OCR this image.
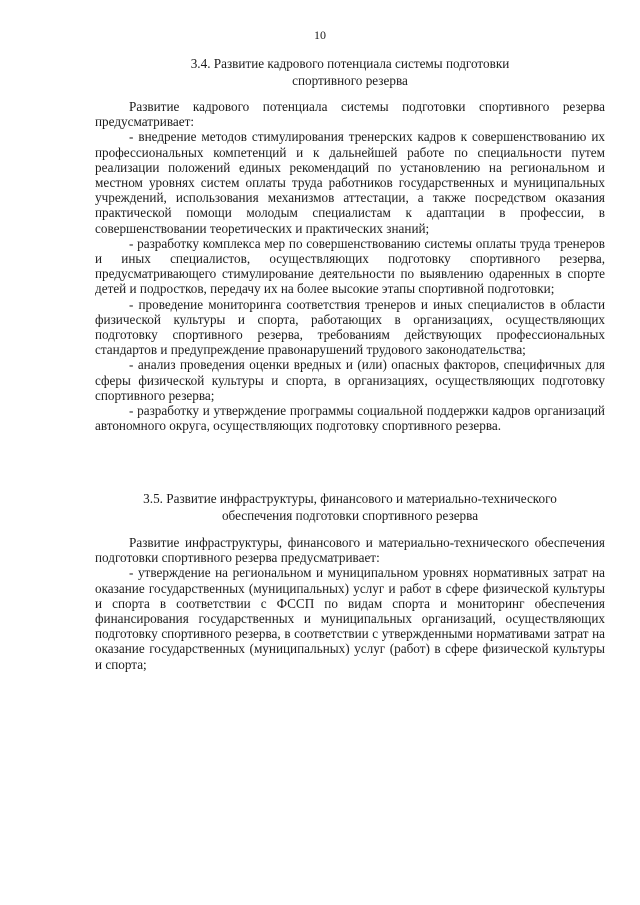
10
3.4. Развитие кадрового потенциала системы подготовки
спортивного резерва

Развитие кадрового потенциала системы подготовки спортивного резерва предусматривает:

- внедрение методов стимулирования тренерских кадров к совершенствованию их профессиональных компетенций и к дальнейшей работе по специальности путем реализации положений единых рекомендаций по установлению на региональном и местном уровнях систем оплаты труда работников государственных и муниципальных учреждений, использования механизмов аттестации, а также посредством оказания практической помощи молодым специалистам к адаптации в профессии, в совершенствовании теоретических и практических знаний;

- разработку комплекса мер по совершенствованию системы оплаты труда тренеров и иных специалистов, осуществляющих подготовку спортивного резерва, предусматривающего стимулирование деятельности по выявлению одаренных в спорте детей и подростков, передачу их на более высокие этапы спортивной подготовки;

- проведение мониторинга соответствия тренеров и иных специалистов в области физической культуры и спорта, работающих в организациях, осуществляющих подготовку спортивного резерва, требованиям действующих профессиональных стандартов и предупреждение правонарушений трудового законодательства;

- анализ проведения оценки вредных и (или) опасных факторов, специфичных для сферы физической культуры и спорта, в организациях, осуществляющих подготовку спортивного резерва;

- разработку и утверждение программы социальной поддержки кадров организаций автономного округа, осуществляющих подготовку спортивного резерва.

3.5. Развитие инфраструктуры, финансового и материально-технического
обеспечения подготовки спортивного резерва

Развитие инфраструктуры, финансового и материально-технического обеспечения подготовки спортивного резерва предусматривает:

- утверждение на региональном и муниципальном уровнях нормативных затрат на оказание государственных (муниципальных) услуг и работ в сфере физической культуры и спорта в соответствии с ФССП по видам спорта и мониторинг обеспечения финансирования государственных и муниципальных организаций, осуществляющих подготовку спортивного резерва, в соответствии с утвержденными нормативами затрат на оказание государственных (муниципальных) услуг (работ) в сфере физической культуры и спорта;
